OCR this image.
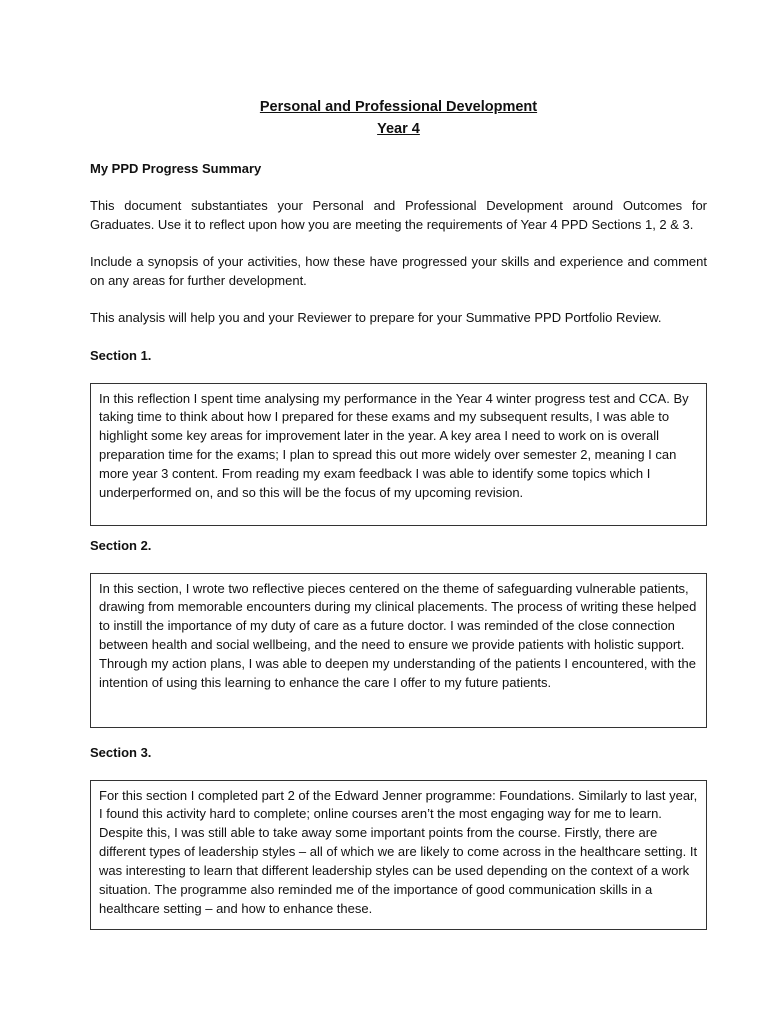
Personal and Professional Development
Year 4
My PPD Progress Summary
This document substantiates your Personal and Professional Development around Outcomes for Graduates. Use it to reflect upon how you are meeting the requirements of Year 4 PPD Sections 1, 2 & 3.
Include a synopsis of your activities, how these have progressed your skills and experience and comment on any areas for further development.
This analysis will help you and your Reviewer to prepare for your Summative PPD Portfolio Review.
Section 1.
In this reflection I spent time analysing my performance in the Year 4 winter progress test and CCA. By taking time to think about how I prepared for these exams and my subsequent results, I was able to highlight some key areas for improvement later in the year. A key area I need to work on is overall preparation time for the exams; I plan to spread this out more widely over semester 2, meaning I can more year 3 content. From reading my exam feedback I was able to identify some topics which I underperformed on, and so this will be the focus of my upcoming revision.
Section 2.
In this section, I wrote two reflective pieces centered on the theme of safeguarding vulnerable patients, drawing from memorable encounters during my clinical placements. The process of writing these helped to instill the importance of my duty of care as a future doctor. I was reminded of the close connection between health and social wellbeing, and the need to ensure we provide patients with holistic support. Through my action plans, I was able to deepen my understanding of the patients I encountered, with the intention of using this learning to enhance the care I offer to my future patients.
Section 3.
For this section I completed part 2 of the Edward Jenner programme: Foundations. Similarly to last year, I found this activity hard to complete; online courses aren’t the most engaging way for me to learn. Despite this, I was still able to take away some important points from the course. Firstly, there are different types of leadership styles – all of which we are likely to come across in the healthcare setting. It was interesting to learn that different leadership styles can be used depending on the context of a work situation. The programme also reminded me of the importance of good communication skills in a healthcare setting – and how to enhance these.
